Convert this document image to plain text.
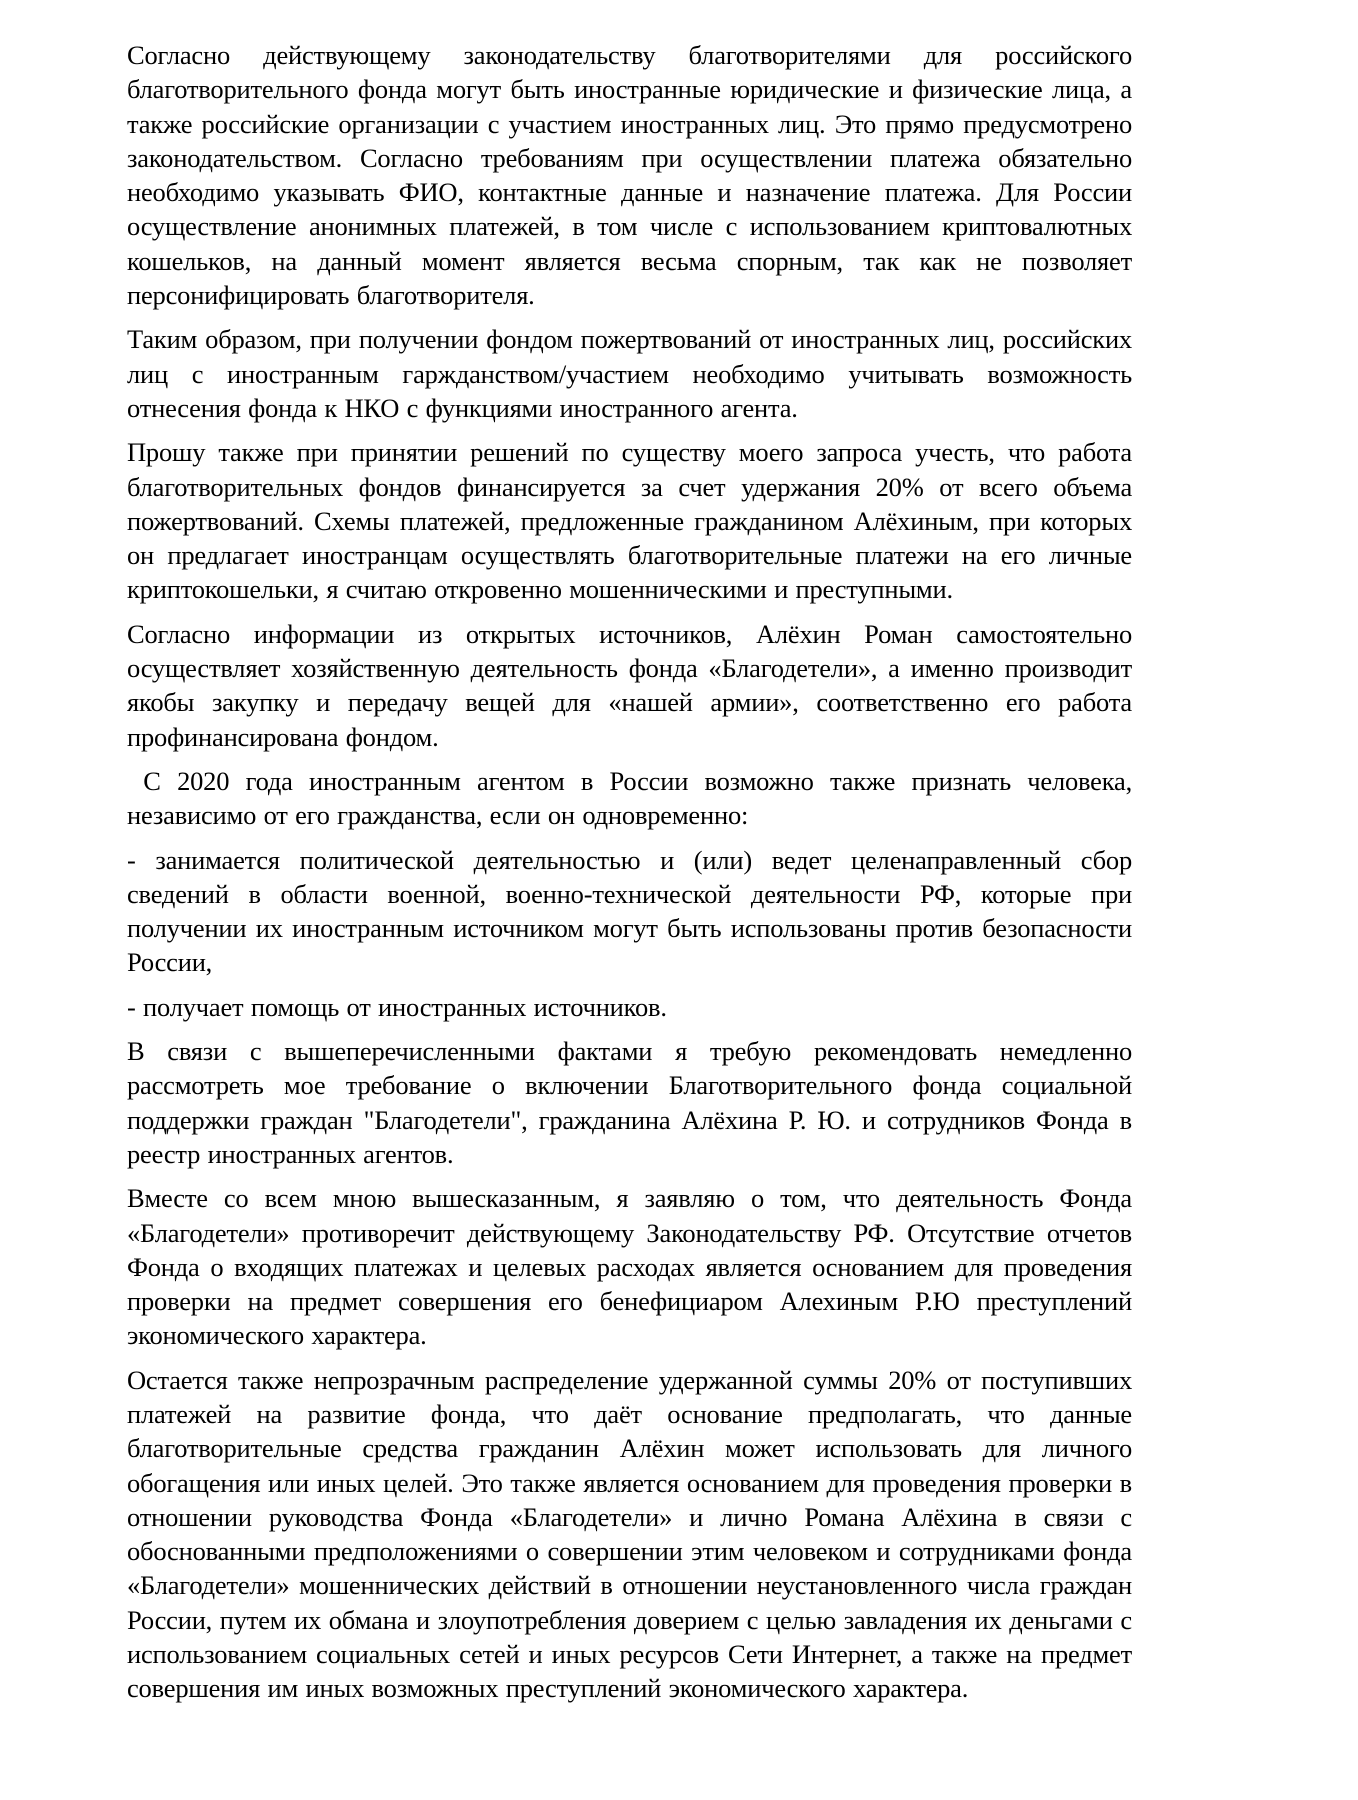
Согласно действующему законодательству благотворителями для российского благотворительного фонда могут быть иностранные юридические и физические лица, а также российские организации с участием иностранных лиц. Это прямо предусмотрено законодательством. Согласно требованиям при осуществлении платежа обязательно необходимо указывать ФИО, контактные данные и назначение платежа. Для России осуществление анонимных платежей, в том числе с использованием криптовалютных кошельков, на данный момент является весьма спорным, так как не позволяет персонифицировать благотворителя.

Таким образом, при получении фондом пожертвований от иностранных лиц, российских лиц с иностранным гаржданством/участием необходимо учитывать возможность отнесения фонда к НКО с функциями иностранного агента.

Прошу также при принятии решений по существу моего запроса учесть, что работа благотворительных фондов финансируется за счет удержания 20% от всего объема пожертвований. Схемы платежей, предложенные гражданином Алёхиным, при которых он предлагает иностранцам осуществлять благотворительные платежи на его личные криптокошельки, я считаю откровенно мошенническими и преступными.

Согласно информации из открытых источников, Алёхин Роман самостоятельно осуществляет хозяйственную деятельность фонда «Благодетели», а именно производит якобы закупку и передачу вещей для «нашей армии», соответственно его работа профинансирована фондом.

С 2020 года иностранным агентом в России возможно также признать человека, независимо от его гражданства, если он одновременно:

- занимается политической деятельностью и (или) ведет целенаправленный сбор сведений в области военной, военно-технической деятельности РФ, которые при получении их иностранным источником могут быть использованы против безопасности России,

- получает помощь от иностранных источников.

В связи с вышеперечисленными фактами я требую рекомендовать немедленно рассмотреть мое требование о включении Благотворительного фонда социальной поддержки граждан "Благодетели", гражданина Алёхина Р. Ю. и сотрудников Фонда в реестр иностранных агентов.

Вместе со всем мною вышесказанным, я заявляю о том, что деятельность Фонда «Благодетели» противоречит действующему Законодательству РФ. Отсутствие отчетов Фонда о входящих платежах и целевых расходах является основанием для проведения проверки на предмет совершения его бенефициаром Алехиным Р.Ю преступлений экономического характера.

Остается также непрозрачным распределение удержанной суммы 20% от поступивших платежей на развитие фонда, что даёт основание предполагать, что данные благотворительные средства гражданин Алёхин может использовать для личного обогащения или иных целей. Это также является основанием для проведения проверки в отношении руководства Фонда «Благодетели» и лично Романа Алёхина в связи с обоснованными предположениями о совершении этим человеком и сотрудниками фонда «Благодетели» мошеннических действий в отношении неустановленного числа граждан России, путем их обмана и злоупотребления доверием с целью завладения их деньгами с использованием социальных сетей и иных ресурсов Сети Интернет, а также на предмет совершения им иных возможных преступлений экономического характера.
